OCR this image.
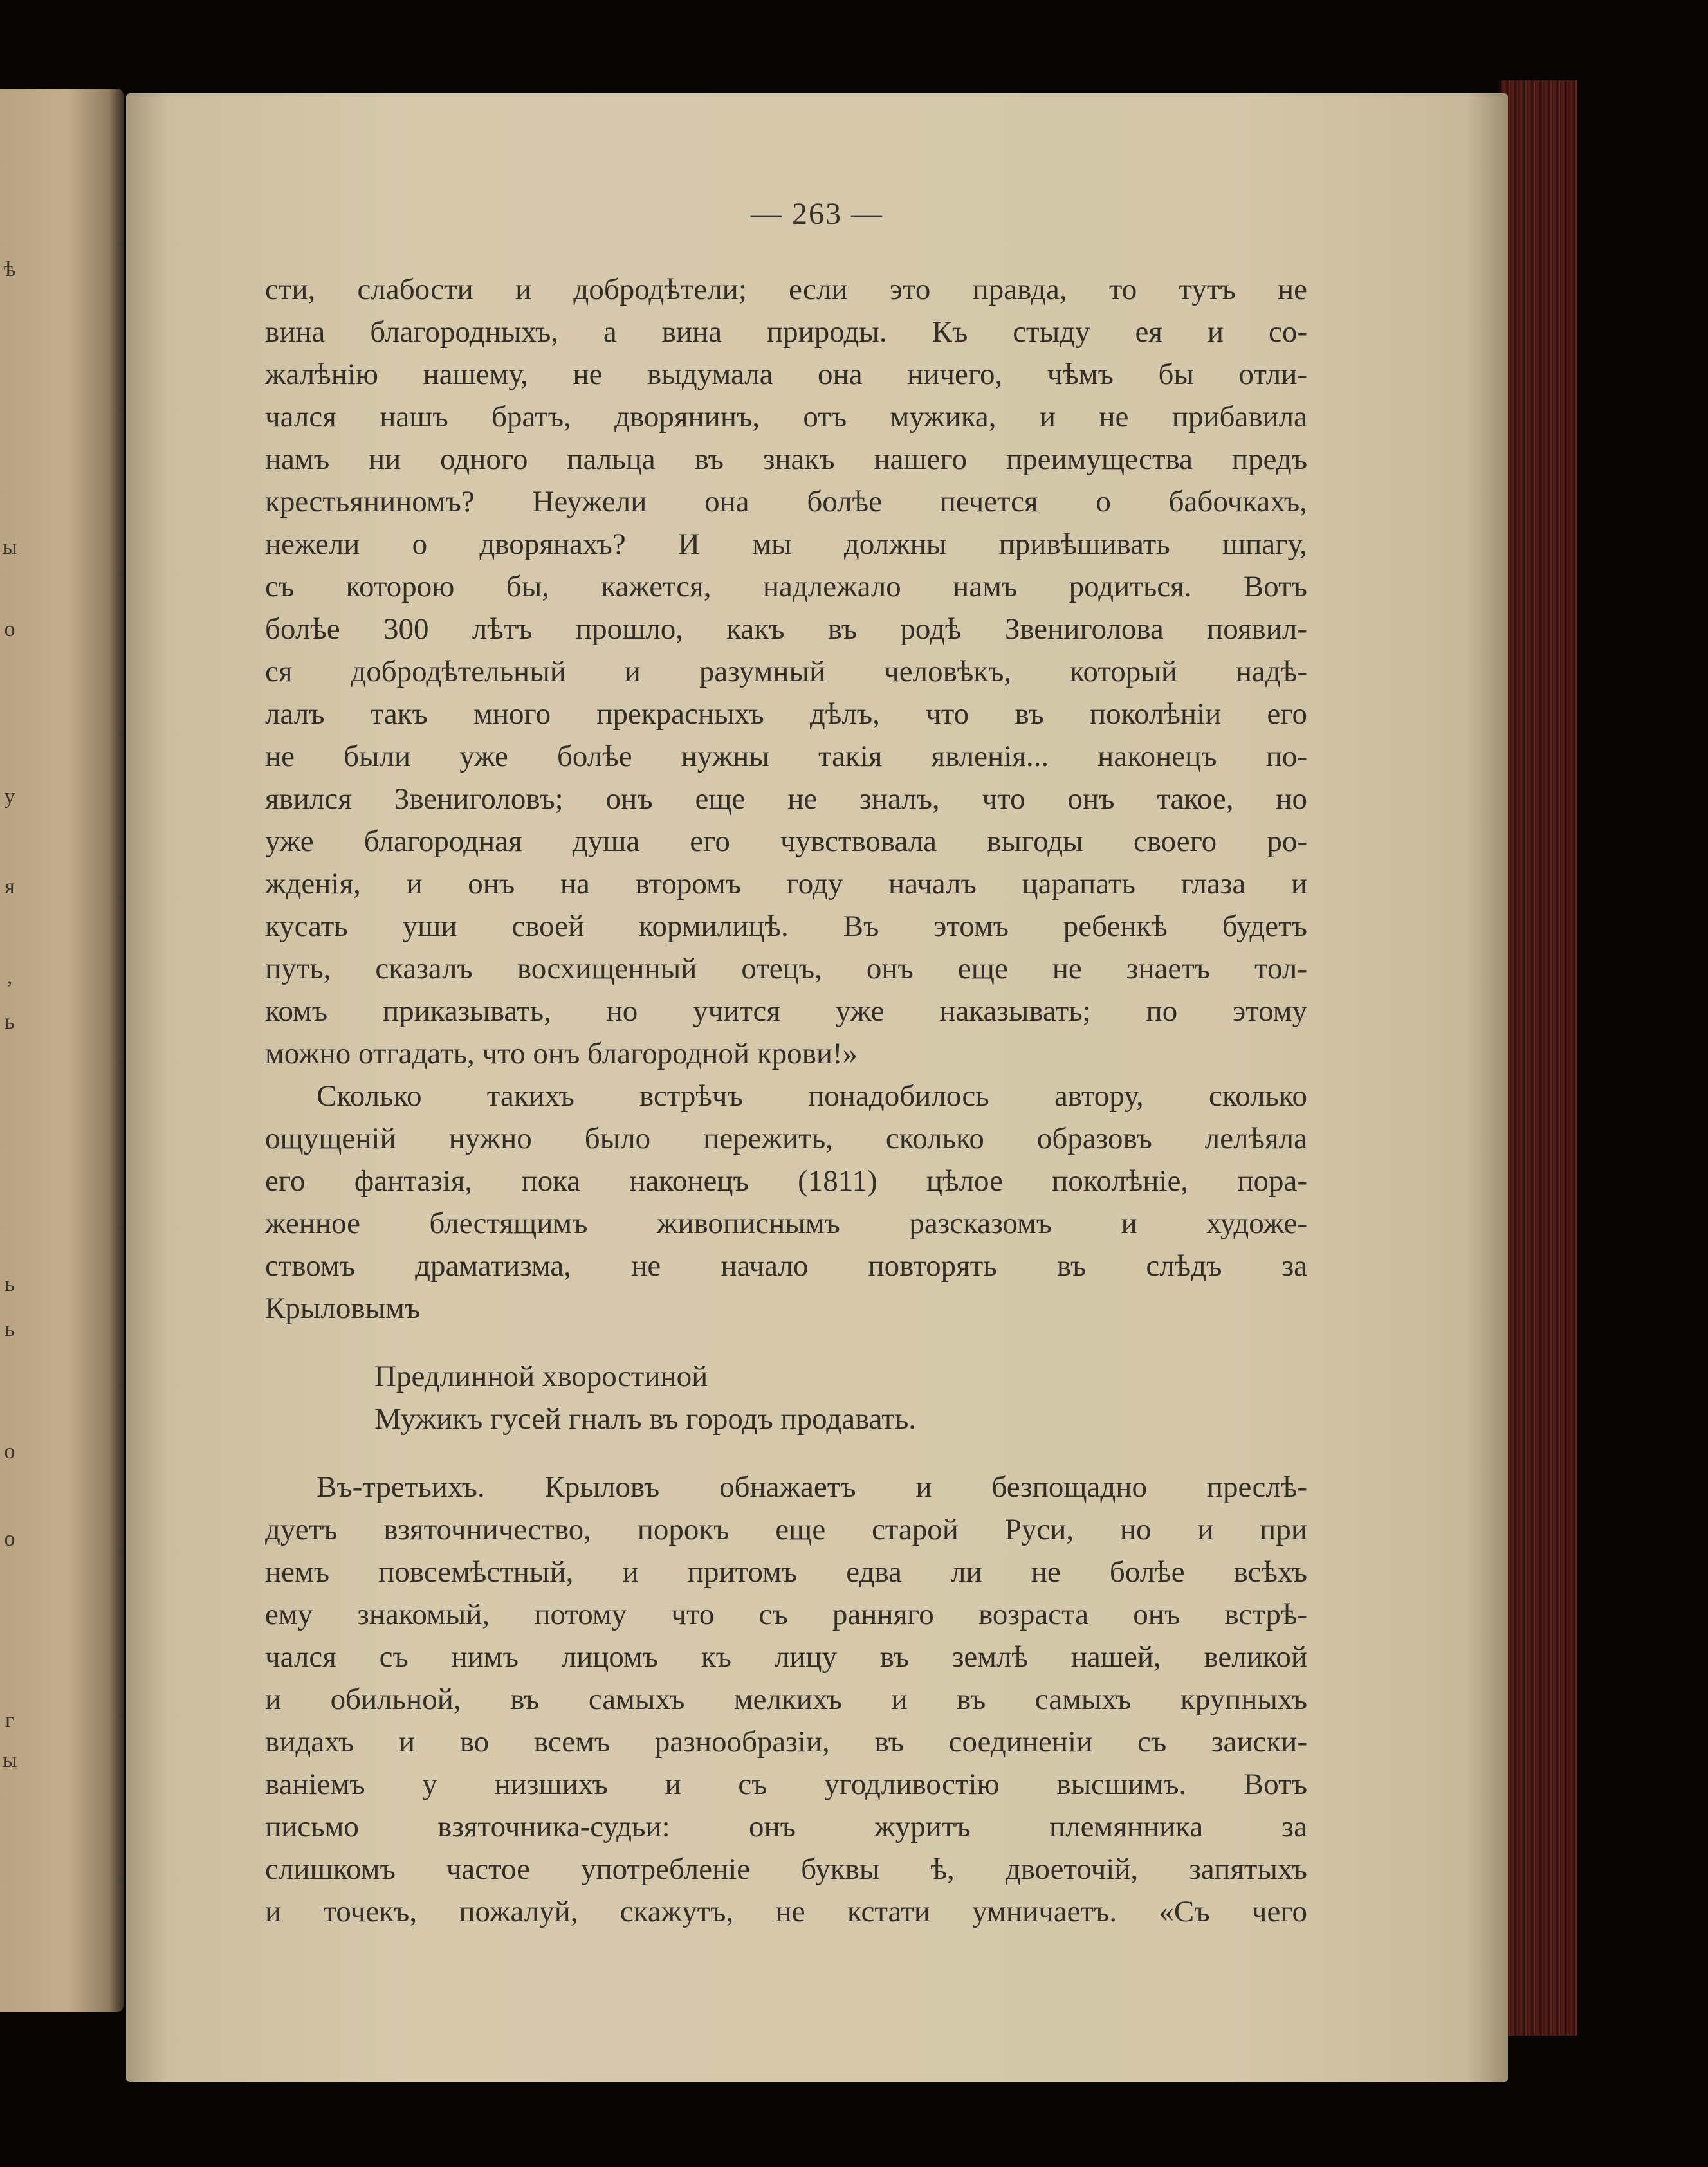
ѣ
ы
о
у
я
,
ь
ь
ь
о
о
г
ы
— 263 —
сти, слабости и добродѣтели; если это правда, то тутъ не
вина благородныхъ, а вина природы. Къ стыду ея и со-
жалѣнію нашему, не выдумала она ничего, чѣмъ бы отли-
чался нашъ братъ, дворянинъ, отъ мужика, и не прибавила
намъ ни одного пальца въ знакъ нашего преимущества предъ
крестьяниномъ? Неужели она болѣе печется о бабочкахъ,
нежели о дворянахъ? И мы должны привѣшивать шпагу,
съ которою бы, кажется, надлежало намъ родиться. Вотъ
болѣе 300 лѣтъ прошло, какъ въ родѣ Звениголова появил-
ся добродѣтельный и разумный человѣкъ, который надѣ-
лалъ такъ много прекрасныхъ дѣлъ, что въ поколѣніи его
не были уже болѣе нужны такія явленія... наконецъ по-
явился Звениголовъ; онъ еще не зналъ, что онъ такое, но
уже благородная душа его чувствовала выгоды своего ро-
жденія, и онъ на второмъ году началъ царапать глаза и
кусать уши своей кормилицѣ. Въ этомъ ребенкѣ будетъ
путь, сказалъ восхищенный отецъ, онъ еще не знаетъ тол-
комъ приказывать, но учится уже наказывать; по этому
можно отгадать, что онъ благородной крови!»
Сколько такихъ встрѣчъ понадобилось автору, сколько
ощущеній нужно было пережить, сколько образовъ лелѣяла
его фантазія, пока наконецъ (1811) цѣлое поколѣніе, пора-
женное блестящимъ живописнымъ разсказомъ и художе-
ствомъ драматизма, не начало повторять въ слѣдъ за
Крыловымъ
Предлинной хворостиной
Мужикъ гусей гналъ въ городъ продавать.
Въ-третьихъ. Крыловъ обнажаетъ и безпощадно преслѣ-
дуетъ взяточничество, порокъ еще старой Руси, но и при
немъ повсемѣстный, и притомъ едва ли не болѣе всѣхъ
ему знакомый, потому что съ ранняго возраста онъ встрѣ-
чался съ нимъ лицомъ къ лицу въ землѣ нашей, великой
и обильной, въ самыхъ мелкихъ и въ самыхъ крупныхъ
видахъ и во всемъ разнообразіи, въ соединеніи съ заиски-
ваніемъ у низшихъ и съ угодливостію высшимъ. Вотъ
письмо взяточника-судьи: онъ журитъ племянника за
слишкомъ частое употребленіе буквы ѣ, двоеточій, запятыхъ
и точекъ, пожалуй, скажутъ, не кстати умничаетъ. «Съ чего
